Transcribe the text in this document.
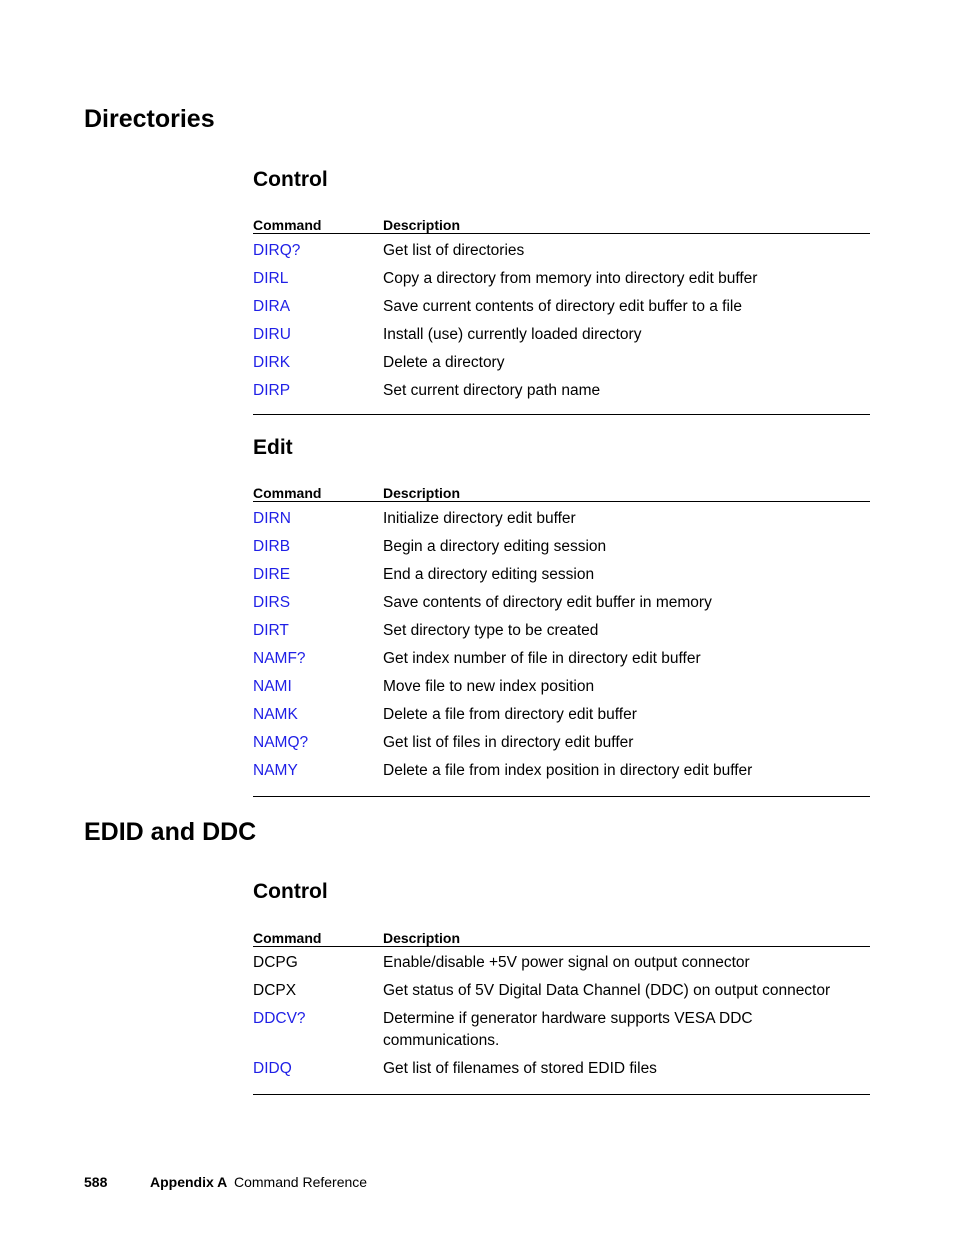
Directories
Control
Command	Description
DIRQ?	Get list of directories
DIRL	Copy a directory from memory into directory edit buffer
DIRA	Save current contents of directory edit buffer to a file
DIRU	Install (use) currently loaded directory
DIRK	Delete a directory
DIRP	Set current directory path name
Edit
Command	Description
DIRN	Initialize directory edit buffer
DIRB	Begin a directory editing session
DIRE	End a directory editing session
DIRS	Save contents of directory edit buffer in memory
DIRT	Set directory type to be created
NAMF?	Get index number of file in directory edit buffer
NAMI	Move file to new index position
NAMK	Delete a file from directory edit buffer
NAMQ?	Get list of files in directory edit buffer
NAMY	Delete a file from index position in directory edit buffer
EDID and DDC
Control
Command	Description
DCPG	Enable/disable +5V power signal on output connector
DCPX	Get status of 5V Digital Data Channel (DDC) on output connector
DDCV?	Determine if generator hardware supports VESA DDC communications.
DIDQ	Get list of filenames of stored EDID files
588	Appendix A Command Reference
